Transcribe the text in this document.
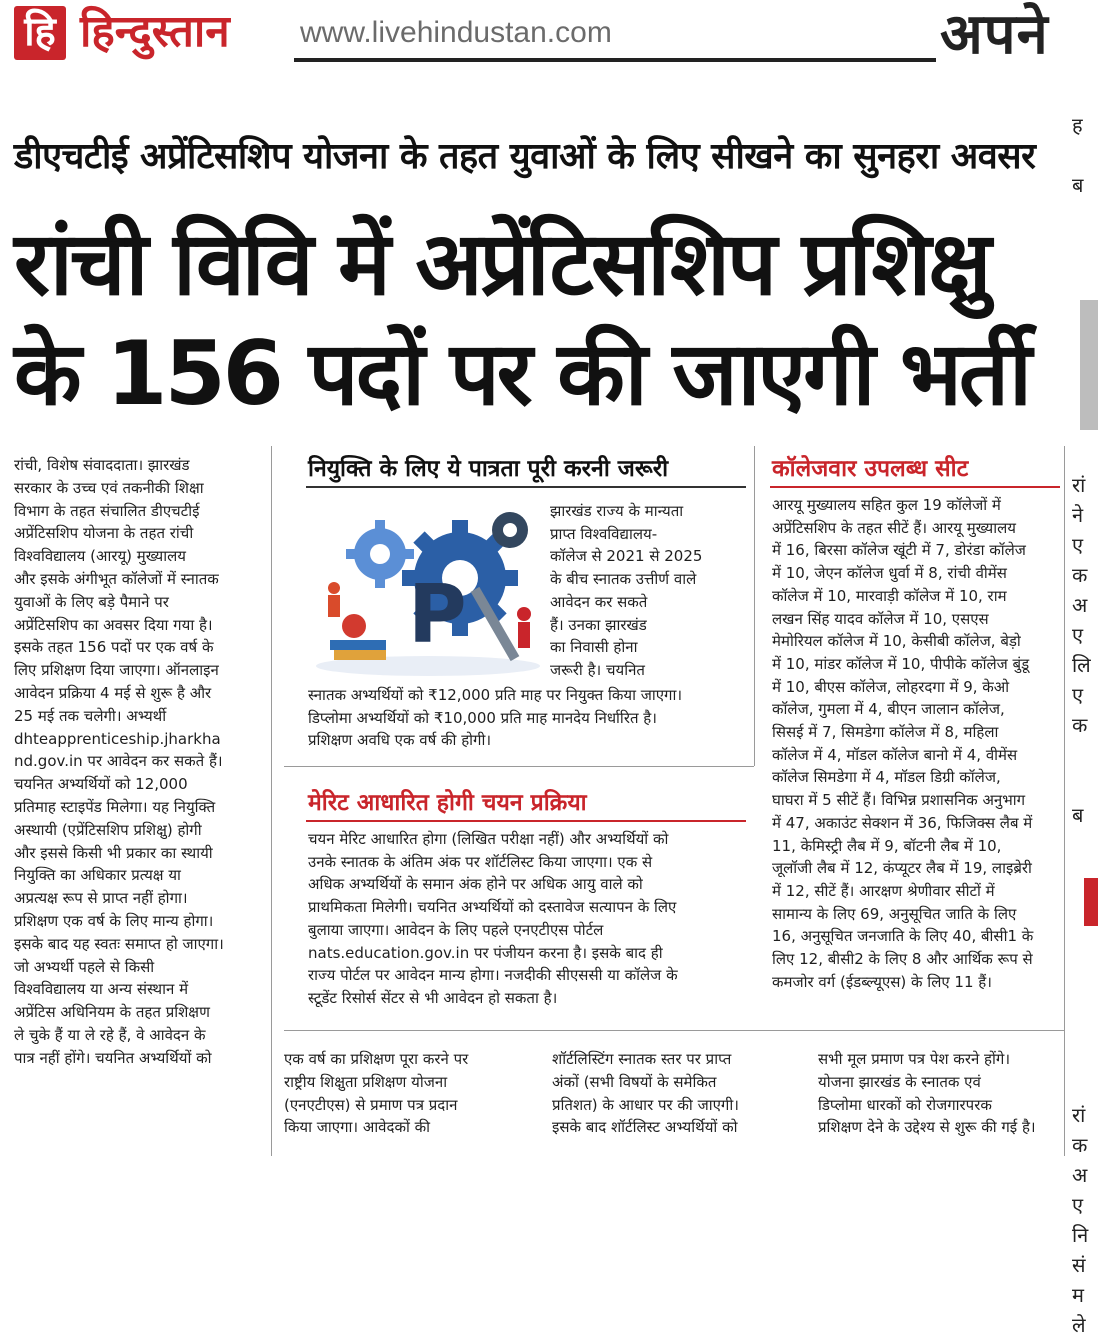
हि हिन्दुस्तान www.livehindustan.com	अपने
डीएचटीई अप्रेंटिसशिप योजना के तहत युवाओं के लिए सीखने का सुनहरा अवसर
रांची विवि में अप्रेंटिसशिप प्रशिक्षु
के 156 पदों पर की जाएगी भर्ती
रांची, विशेष संवाददाता। झारखंड
सरकार के उच्च एवं तकनीकी शिक्षा
विभाग के तहत संचालित डीएचटीई
अप्रेंटिसशिप योजना के तहत रांची
विश्वविद्यालय (आरयू) मुख्यालय
और इसके अंगीभूत कॉलेजों में स्नातक
युवाओं के लिए बड़े पैमाने पर
अप्रेंटिसशिप का अवसर दिया गया है।
इसके तहत 156 पदों पर एक वर्ष के
लिए प्रशिक्षण दिया जाएगा। ऑनलाइन
आवेदन प्रक्रिया 4 मई से शुरू है और
25 मई तक चलेगी। अभ्यर्थी
dhteapprenticeship.jharkha
nd.gov.in पर आवेदन कर सकते हैं।
चयनित अभ्यर्थियों को 12,000
प्रतिमाह स्टाइपेंड मिलेगा। यह नियुक्ति
अस्थायी (एप्रेंटिसशिप प्रशिक्षु) होगी
और इससे किसी भी प्रकार का स्थायी
नियुक्ति का अधिकार प्रत्यक्ष या
अप्रत्यक्ष रूप से प्राप्त नहीं होगा।
प्रशिक्षण एक वर्ष के लिए मान्य होगा।
इसके बाद यह स्वतः समाप्त हो जाएगा।
जो अभ्यर्थी पहले से किसी
विश्वविद्यालय या अन्य संस्थान में
अप्रेंटिस अधिनियम के तहत प्रशिक्षण
ले चुके हैं या ले रहे हैं, वे आवेदन के
पात्र नहीं होंगे। चयनित अभ्यर्थियों को
नियुक्ति के लिए ये पात्रता पूरी करनी जरूरी
P
झारखंड राज्य के मान्यता
प्राप्त विश्वविद्यालय-
कॉलेज से 2021 से 2025
के बीच स्नातक उत्तीर्ण वाले
आवेदन कर सकते
हैं। उनका झारखंड
का निवासी होना
जरूरी है। चयनित
स्नातक अभ्यर्थियों को ₹12,000 प्रति माह पर नियुक्त किया जाएगा।
डिप्लोमा अभ्यर्थियों को ₹10,000 प्रति माह मानदेय निर्धारित है।
प्रशिक्षण अवधि एक वर्ष की होगी।
मेरिट आधारित होगी चयन प्रक्रिया
चयन मेरिट आधारित होगा (लिखित परीक्षा नहीं) और अभ्यर्थियों को
उनके स्नातक के अंतिम अंक पर शॉर्टलिस्ट किया जाएगा। एक से
अधिक अभ्यर्थियों के समान अंक होने पर अधिक आयु वाले को
प्राथमिकता मिलेगी। चयनित अभ्यर्थियों को दस्तावेज सत्यापन के लिए
बुलाया जाएगा। आवेदन के लिए पहले एनएटीएस पोर्टल
nats.education.gov.in पर पंजीयन करना है। इसके बाद ही
राज्य पोर्टल पर आवेदन मान्य होगा। नजदीकी सीएससी या कॉलेज के
स्टूडेंट रिसोर्स सेंटर से भी आवेदन हो सकता है।
कॉलेजवार उपलब्ध सीट
आरयू मुख्यालय सहित कुल 19 कॉलेजों में
अप्रेंटिसशिप के तहत सीटें हैं। आरयू मुख्यालय
में 16, बिरसा कॉलेज खूंटी में 7, डोरंडा कॉलेज
में 10, जेएन कॉलेज धुर्वा में 8, रांची वीमेंस
कॉलेज में 10, मारवाड़ी कॉलेज में 10, राम
लखन सिंह यादव कॉलेज में 10, एसएस
मेमोरियल कॉलेज में 10, केसीबी कॉलेज, बेड़ो
में 10, मांडर कॉलेज में 10, पीपीके कॉलेज बुंडू
में 10, बीएस कॉलेज, लोहरदगा में 9, केओ
कॉलेज, गुमला में 4, बीएन जालान कॉलेज,
सिसई में 7, सिमडेगा कॉलेज में 8, महिला
कॉलेज में 4, मॉडल कॉलेज बानो में 4, वीमेंस
कॉलेज सिमडेगा में 4, मॉडल डिग्री कॉलेज,
घाघरा में 5 सीटें हैं। विभिन्न प्रशासनिक अनुभाग
में 47, अकाउंट सेक्शन में 36, फिजिक्स लैब में
11, केमिस्ट्री लैब में 9, बॉटनी लैब में 10,
जूलॉजी लैब में 12, कंप्यूटर लैब में 19, लाइब्रेरी
में 12, सीटें हैं। आरक्षण श्रेणीवार सीटों में
सामान्य के लिए 69, अनुसूचित जाति के लिए
16, अनुसूचित जनजाति के लिए 40, बीसी1 के
लिए 12, बीसी2 के लिए 8 और आर्थिक रूप से
कमजोर वर्ग (ईडब्ल्यूएस) के लिए 11 हैं।
एक वर्ष का प्रशिक्षण पूरा करने पर
राष्ट्रीय शिक्षुता प्रशिक्षण योजना
(एनएटीएस) से प्रमाण पत्र प्रदान
किया जाएगा। आवेदकों की
शॉर्टलिस्टिंग स्नातक स्तर पर प्राप्त
अंकों (सभी विषयों के समेकित
प्रतिशत) के आधार पर की जाएगी।
इसके बाद शॉर्टलिस्ट अभ्यर्थियों को
सभी मूल प्रमाण पत्र पेश करने होंगे।
योजना झारखंड के स्नातक एवं
डिप्लोमा धारकों को रोजगारपरक
प्रशिक्षण देने के उद्देश्य से शुरू की गई है।
ह

ब

रां
ने
ए
क
अ
ए
लि
ए
क

ब

रां
क
अ
ए
नि
सं
म
ले
